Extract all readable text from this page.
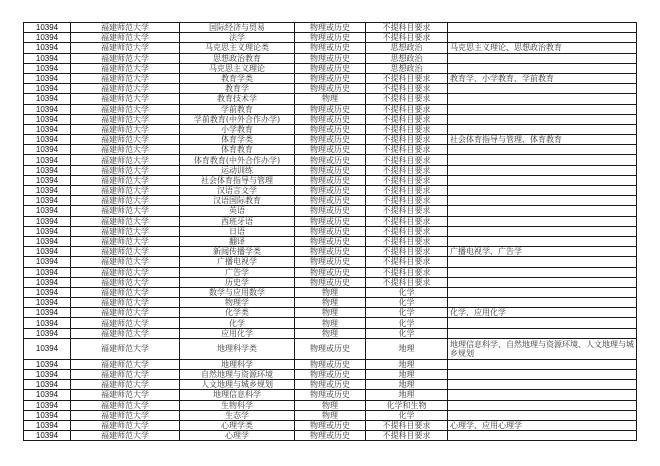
10394	福建师范大学	国际经济与贸易	物理或历史	不提科目要求	
10394	福建师范大学	法学	物理或历史	不提科目要求	
10394	福建师范大学	马克思主义理论类	物理或历史	思想政治	马克思主义理论、思想政治教育
10394	福建师范大学	思想政治教育	物理或历史	思想政治	
10394	福建师范大学	马克思主义理论	物理或历史	思想政治	
10394	福建师范大学	教育学类	物理或历史	不提科目要求	教育学、小学教育、学前教育
10394	福建师范大学	教育学	物理或历史	不提科目要求	
10394	福建师范大学	教育技术学	物理	不提科目要求	
10394	福建师范大学	学前教育	物理或历史	不提科目要求	
10394	福建师范大学	学前教育(中外合作办学)	物理或历史	不提科目要求	
10394	福建师范大学	小学教育	物理或历史	不提科目要求	
10394	福建师范大学	体育学类	物理或历史	不提科目要求	社会体育指导与管理、体育教育
10394	福建师范大学	体育教育	物理或历史	不提科目要求	
10394	福建师范大学	体育教育(中外合作办学)	物理或历史	不提科目要求	
10394	福建师范大学	运动训练	物理或历史	不提科目要求	
10394	福建师范大学	社会体育指导与管理	物理或历史	不提科目要求	
10394	福建师范大学	汉语言文学	物理或历史	不提科目要求	
10394	福建师范大学	汉语国际教育	物理或历史	不提科目要求	
10394	福建师范大学	英语	物理或历史	不提科目要求	
10394	福建师范大学	西班牙语	物理或历史	不提科目要求	
10394	福建师范大学	日语	物理或历史	不提科目要求	
10394	福建师范大学	翻译	物理或历史	不提科目要求	
10394	福建师范大学	新闻传播学类	物理或历史	不提科目要求	广播电视学、广告学
10394	福建师范大学	广播电视学	物理或历史	不提科目要求	
10394	福建师范大学	广告学	物理或历史	不提科目要求	
10394	福建师范大学	历史学	物理或历史	不提科目要求	
10394	福建师范大学	数学与应用数学	物理	化学	
10394	福建师范大学	物理学	物理	化学	
10394	福建师范大学	化学类	物理	化学	化学、应用化学
10394	福建师范大学	化学	物理	化学	
10394	福建师范大学	应用化学	物理	化学	
10394	福建师范大学	地理科学类	物理或历史	地理	地理信息科学、自然地理与资源环境、人文地理与城乡规划
10394	福建师范大学	地理科学	物理或历史	地理	
10394	福建师范大学	自然地理与资源环境	物理或历史	地理	
10394	福建师范大学	人文地理与城乡规划	物理或历史	地理	
10394	福建师范大学	地理信息科学	物理或历史	地理	
10394	福建师范大学	生物科学	物理	化学和生物	
10394	福建师范大学	生态学	物理	化学	
10394	福建师范大学	心理学类	物理或历史	不提科目要求	心理学、应用心理学
10394	福建师范大学	心理学	物理或历史	不提科目要求	
